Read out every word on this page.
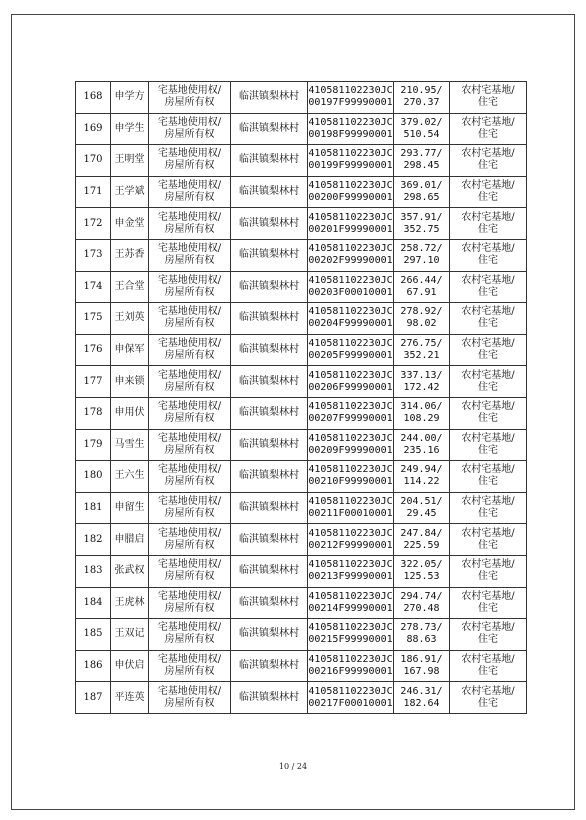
168	申学方	宅基地使用权/
房屋所有权	临淇镇梨林村	410581102230JC
00197F99990001	210.95/
270.37	农村宅基地/
住宅

169	申学生	宅基地使用权/
房屋所有权	临淇镇梨林村	410581102230JC
00198F99990001	379.02/
510.54	农村宅基地/
住宅

170	王明堂	宅基地使用权/
房屋所有权	临淇镇梨林村	410581102230JC
00199F99990001	293.77/
298.45	农村宅基地/
住宅

171	王学斌	宅基地使用权/
房屋所有权	临淇镇梨林村	410581102230JC
00200F99990001	369.01/
298.65	农村宅基地/
住宅

172	申金堂	宅基地使用权/
房屋所有权	临淇镇梨林村	410581102230JC
00201F99990001	357.91/
352.75	农村宅基地/
住宅

173	王苏香	宅基地使用权/
房屋所有权	临淇镇梨林村	410581102230JC
00202F99990001	258.72/
297.10	农村宅基地/
住宅

174	王合堂	宅基地使用权/
房屋所有权	临淇镇梨林村	410581102230JC
00203F00010001	266.44/
67.91	农村宅基地/
住宅

175	王刘英	宅基地使用权/
房屋所有权	临淇镇梨林村	410581102230JC
00204F99990001	278.92/
98.02	农村宅基地/
住宅

176	申保军	宅基地使用权/
房屋所有权	临淇镇梨林村	410581102230JC
00205F99990001	276.75/
352.21	农村宅基地/
住宅

177	申来锁	宅基地使用权/
房屋所有权	临淇镇梨林村	410581102230JC
00206F99990001	337.13/
172.42	农村宅基地/
住宅

178	申用伏	宅基地使用权/
房屋所有权	临淇镇梨林村	410581102230JC
00207F99990001	314.06/
108.29	农村宅基地/
住宅

179	马雪生	宅基地使用权/
房屋所有权	临淇镇梨林村	410581102230JC
00209F99990001	244.00/
235.16	农村宅基地/
住宅

180	王六生	宅基地使用权/
房屋所有权	临淇镇梨林村	410581102230JC
00210F99990001	249.94/
114.22	农村宅基地/
住宅

181	申留生	宅基地使用权/
房屋所有权	临淇镇梨林村	410581102230JC
00211F00010001	204.51/
29.45	农村宅基地/
住宅

182	申腊启	宅基地使用权/
房屋所有权	临淇镇梨林村	410581102230JC
00212F99990001	247.84/
225.59	农村宅基地/
住宅

183	张武权	宅基地使用权/
房屋所有权	临淇镇梨林村	410581102230JC
00213F99990001	322.05/
125.53	农村宅基地/
住宅

184	王虎林	宅基地使用权/
房屋所有权	临淇镇梨林村	410581102230JC
00214F99990001	294.74/
270.48	农村宅基地/
住宅

185	王双记	宅基地使用权/
房屋所有权	临淇镇梨林村	410581102230JC
00215F99990001	278.73/
88.63	农村宅基地/
住宅

186	申伏启	宅基地使用权/
房屋所有权	临淇镇梨林村	410581102230JC
00216F99990001	186.91/
167.98	农村宅基地/
住宅

187	平连英	宅基地使用权/
房屋所有权	临淇镇梨林村	410581102230JC
00217F00010001	246.31/
182.64	农村宅基地/
住宅
10 / 24
